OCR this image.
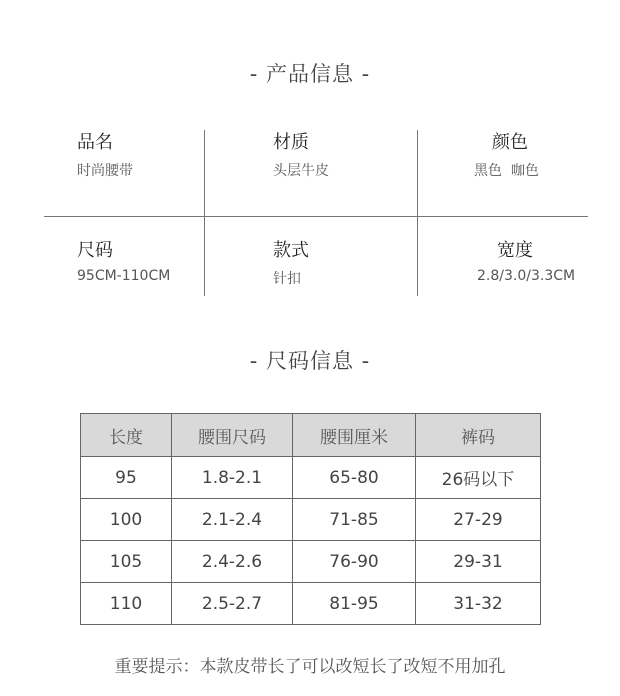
- 产品信息 -
品名
时尚腰带
材质
头层牛皮
颜色
黑色  咖色
尺码
95CM-110CM
款式
针扣
宽度
2.8/3.0/3.3CM
- 尺码信息 -
长度	腰围尺码	腰围厘米	裤码
95	1.8-2.1	65-80	26码以下
100	2.1-2.4	71-85	27-29
105	2.4-2.6	76-90	29-31
110	2.5-2.7	81-95	31-32
重要提示：本款皮带长了可以改短长了改短不用加孔
